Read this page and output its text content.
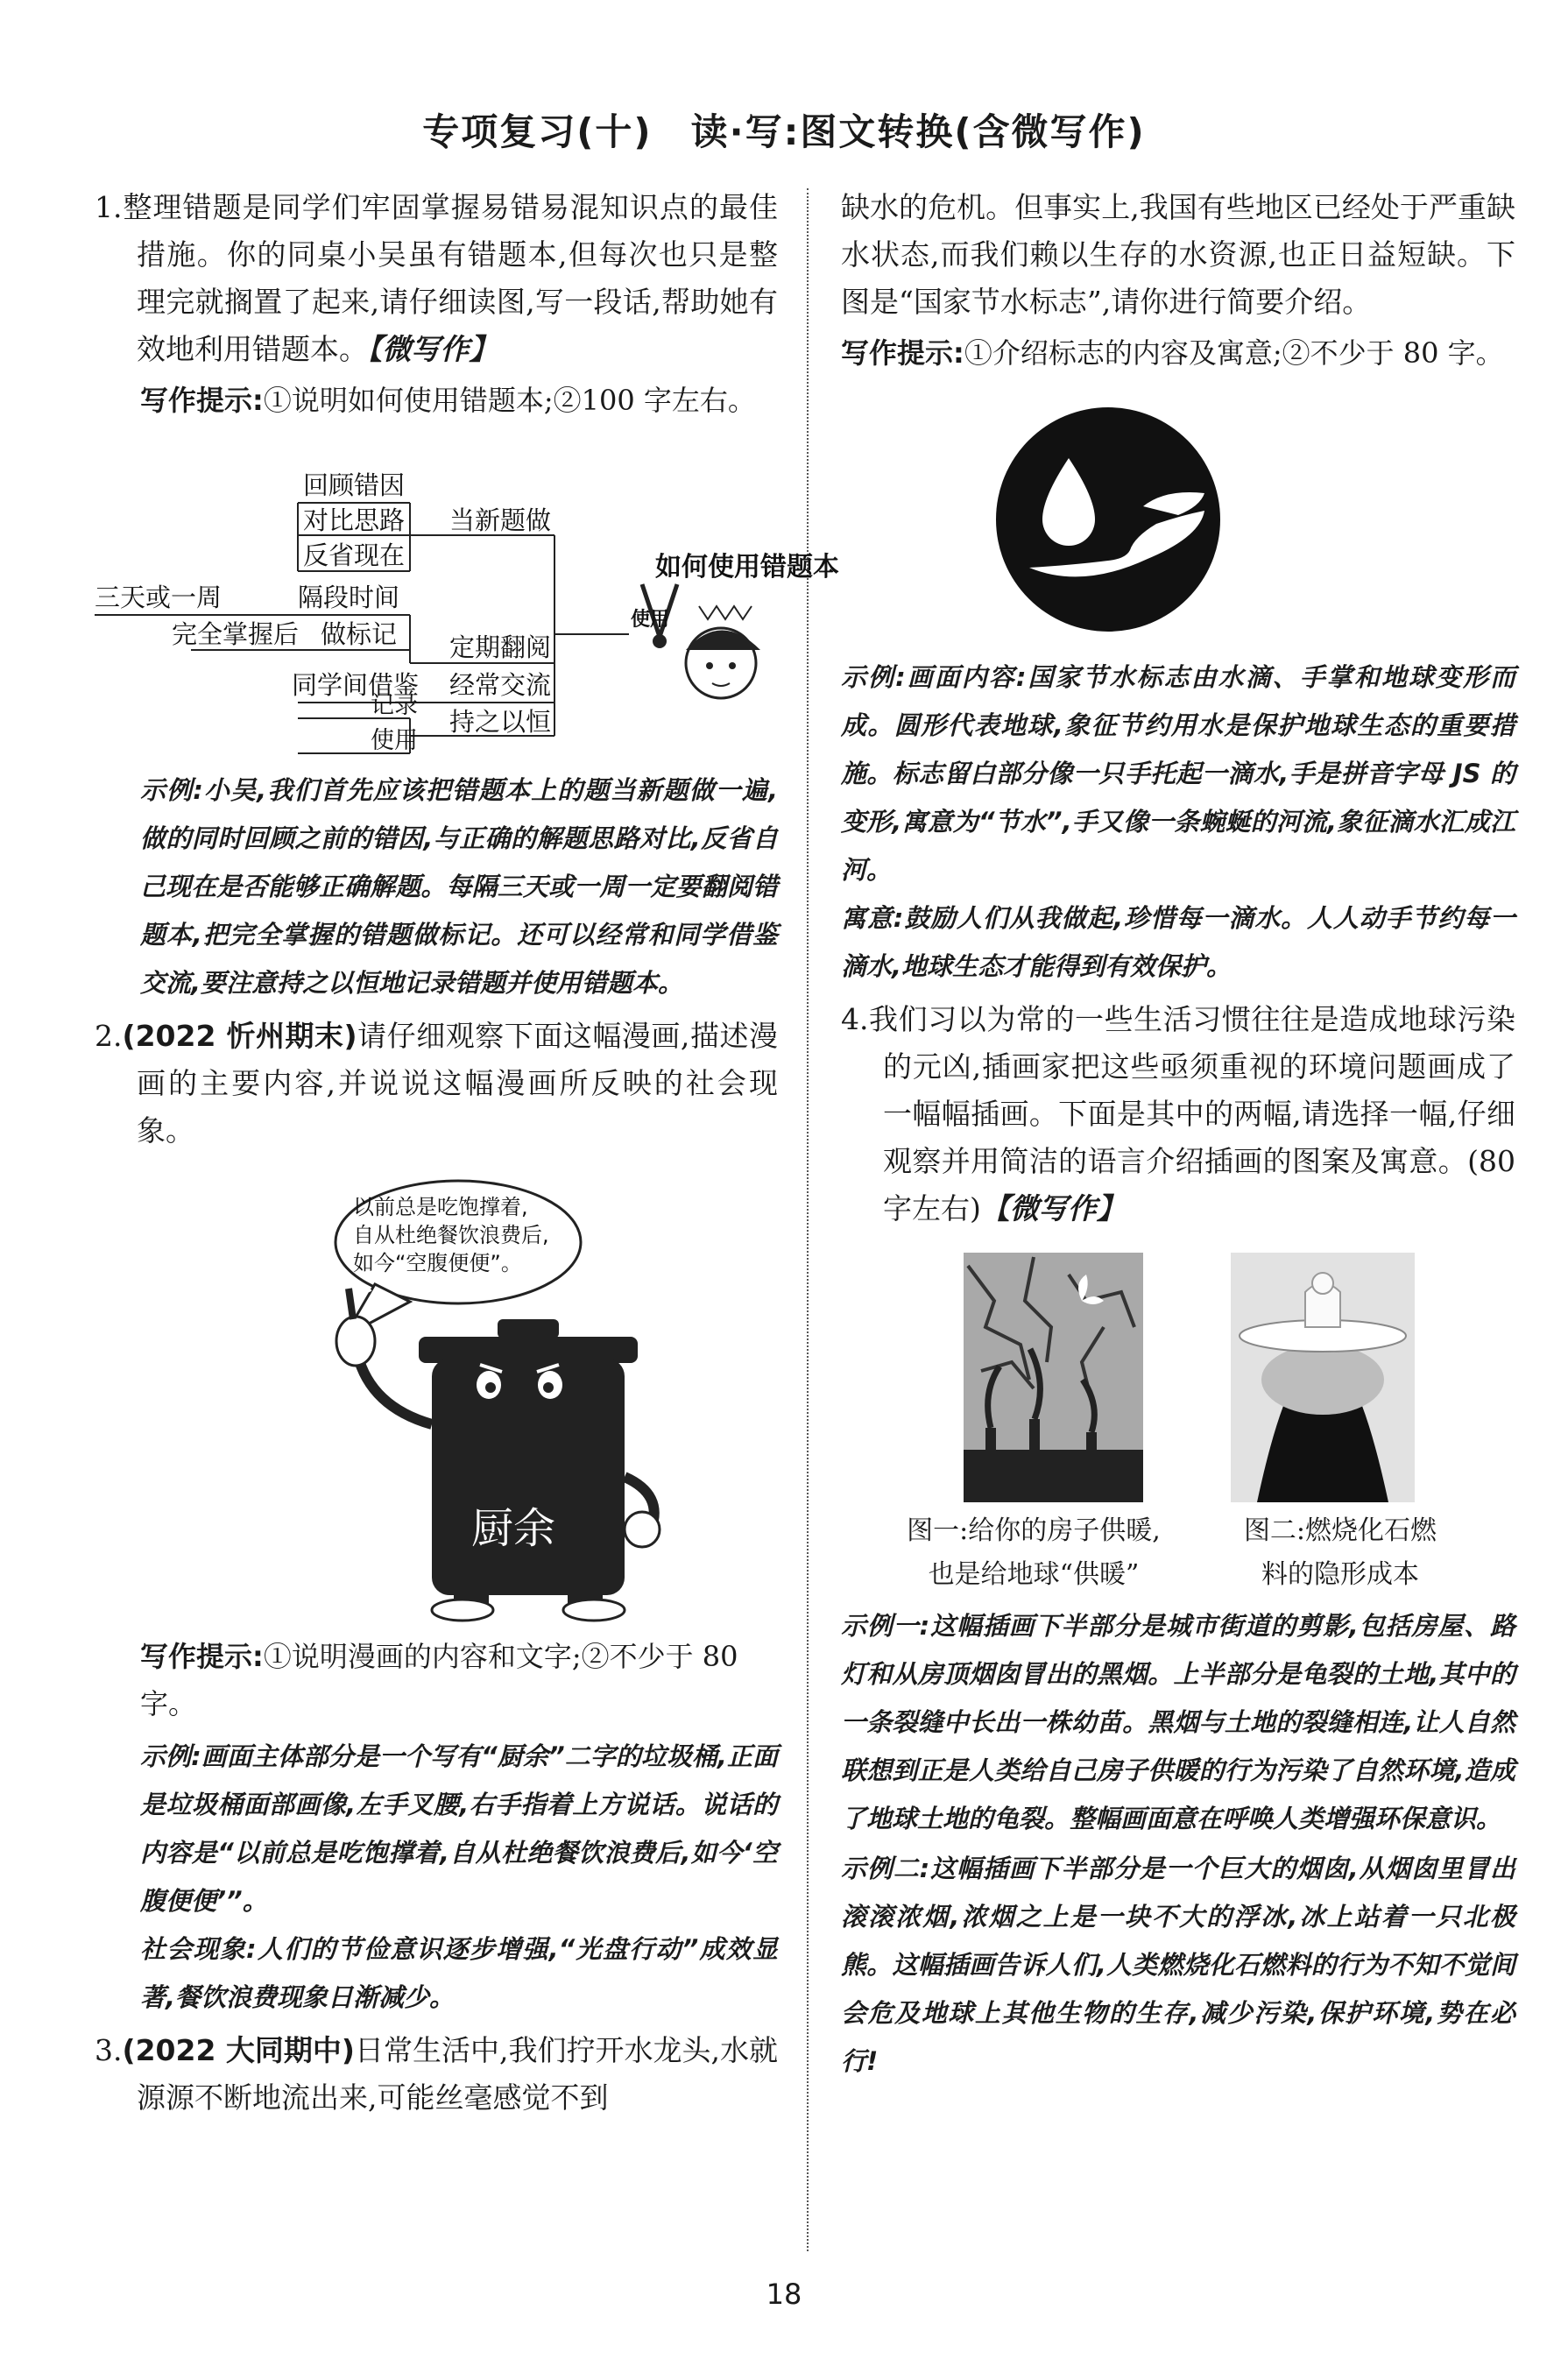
专项复习(十)　读·写:图文转换(含微写作)

1.整理错题是同学们牢固掌握易错易混知识点的最佳措施。你的同桌小吴虽有错题本,但每次也只是整理完就搁置了起来,请仔细读图,写一段话,帮助她有效地利用错题本。【微写作】

写作提示:①说明如何使用错题本;②100 字左右。

回顾错因
对比思路
反省现在
当新题做
三天或一周	隔段时间
完全掌握后 做标记 定期翻阅
同学间借鉴 经常交流
记录
使用
持之以恒
如何使用错题本
使用

示例:小吴,我们首先应该把错题本上的题当新题做一遍,做的同时回顾之前的错因,与正确的解题思路对比,反省自己现在是否能够正确解题。每隔三天或一周一定要翻阅错题本,把完全掌握的错题做标记。还可以经常和同学借鉴交流,要注意持之以恒地记录错题并使用错题本。

2.(2022 忻州期末)请仔细观察下面这幅漫画,描述漫画的主要内容,并说说这幅漫画所反映的社会现象。

以前总是吃饱撑着,
自从杜绝餐饮浪费后,
如今“空腹便便”。
厨余

写作提示:①说明漫画的内容和文字;②不少于 80 字。

示例:画面主体部分是一个写有“厨余”二字的垃圾桶,正面是垃圾桶面部画像,左手叉腰,右手指着上方说话。说话的内容是“以前总是吃饱撑着,自从杜绝餐饮浪费后,如今‘空腹便便’”。

社会现象:人们的节俭意识逐步增强,“光盘行动”成效显著,餐饮浪费现象日渐减少。

3.(2022 大同期中)日常生活中,我们拧开水龙头,水就源源不断地流出来,可能丝毫感觉不到

缺水的危机。但事实上,我国有些地区已经处于严重缺水状态,而我们赖以生存的水资源,也正日益短缺。下图是“国家节水标志”,请你进行简要介绍。

写作提示:①介绍标志的内容及寓意;②不少于 80 字。

示例:画面内容:国家节水标志由水滴、手掌和地球变形而成。圆形代表地球,象征节约用水是保护地球生态的重要措施。标志留白部分像一只手托起一滴水,手是拼音字母 JS 的变形,寓意为“节水”,手又像一条蜿蜒的河流,象征滴水汇成江河。

寓意:鼓励人们从我做起,珍惜每一滴水。人人动手节约每一滴水,地球生态才能得到有效保护。

4.我们习以为常的一些生活习惯往往是造成地球污染的元凶,插画家把这些亟须重视的环境问题画成了一幅幅插画。下面是其中的两幅,请选择一幅,仔细观察并用简洁的语言介绍插画的图案及寓意。(80 字左右)【微写作】

图一:给你的房子供暖,
也是给地球“供暖”
图二:燃烧化石燃
料的隐形成本

示例一:这幅插画下半部分是城市街道的剪影,包括房屋、路灯和从房顶烟囱冒出的黑烟。上半部分是龟裂的土地,其中的一条裂缝中长出一株幼苗。黑烟与土地的裂缝相连,让人自然联想到正是人类给自己房子供暖的行为污染了自然环境,造成了地球土地的龟裂。整幅画面意在呼唤人类增强环保意识。

示例二:这幅插画下半部分是一个巨大的烟囱,从烟囱里冒出滚滚浓烟,浓烟之上是一块不大的浮冰,冰上站着一只北极熊。这幅插画告诉人们,人类燃烧化石燃料的行为不知不觉间会危及地球上其他生物的生存,减少污染,保护环境,势在必行!

18
